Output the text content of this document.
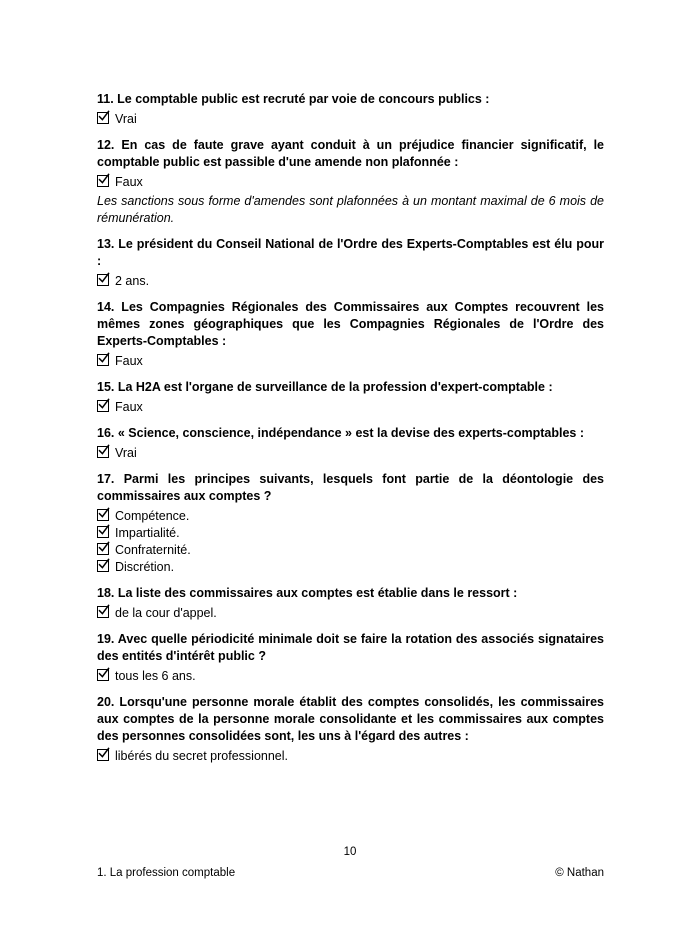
11. Le comptable public est recruté par voie de concours publics :

Vrai

12. En cas de faute grave ayant conduit à un préjudice financier significatif, le comptable public est passible d'une amende non plafonnée :

Faux

Les sanctions sous forme d'amendes sont plafonnées à un montant maximal de 6 mois de rémunération.

13. Le président du Conseil National de l'Ordre des Experts-Comptables est élu pour :

2 ans.

14. Les Compagnies Régionales des Commissaires aux Comptes recouvrent les mêmes zones géographiques que les Compagnies Régionales de l'Ordre des Experts-Comptables :

Faux

15. La H2A est l'organe de surveillance de la profession d'expert-comptable :

Faux

16. « Science, conscience, indépendance » est la devise des experts-comptables :

Vrai

17. Parmi les principes suivants, lesquels font partie de la déontologie des commissaires aux comptes ?

Compétence.

Impartialité.

Confraternité.

Discrétion.

18. La liste des commissaires aux comptes est établie dans le ressort :

de la cour d'appel.

19. Avec quelle périodicité minimale doit se faire la rotation des associés signataires des entités d'intérêt public ?

tous les 6 ans.

20. Lorsqu'une personne morale établit des comptes consolidés, les commissaires aux comptes de la personne morale consolidante et les commissaires aux comptes des personnes consolidées sont, les uns à l'égard des autres :

libérés du secret professionnel.

10
1. La profession comptable	© Nathan
